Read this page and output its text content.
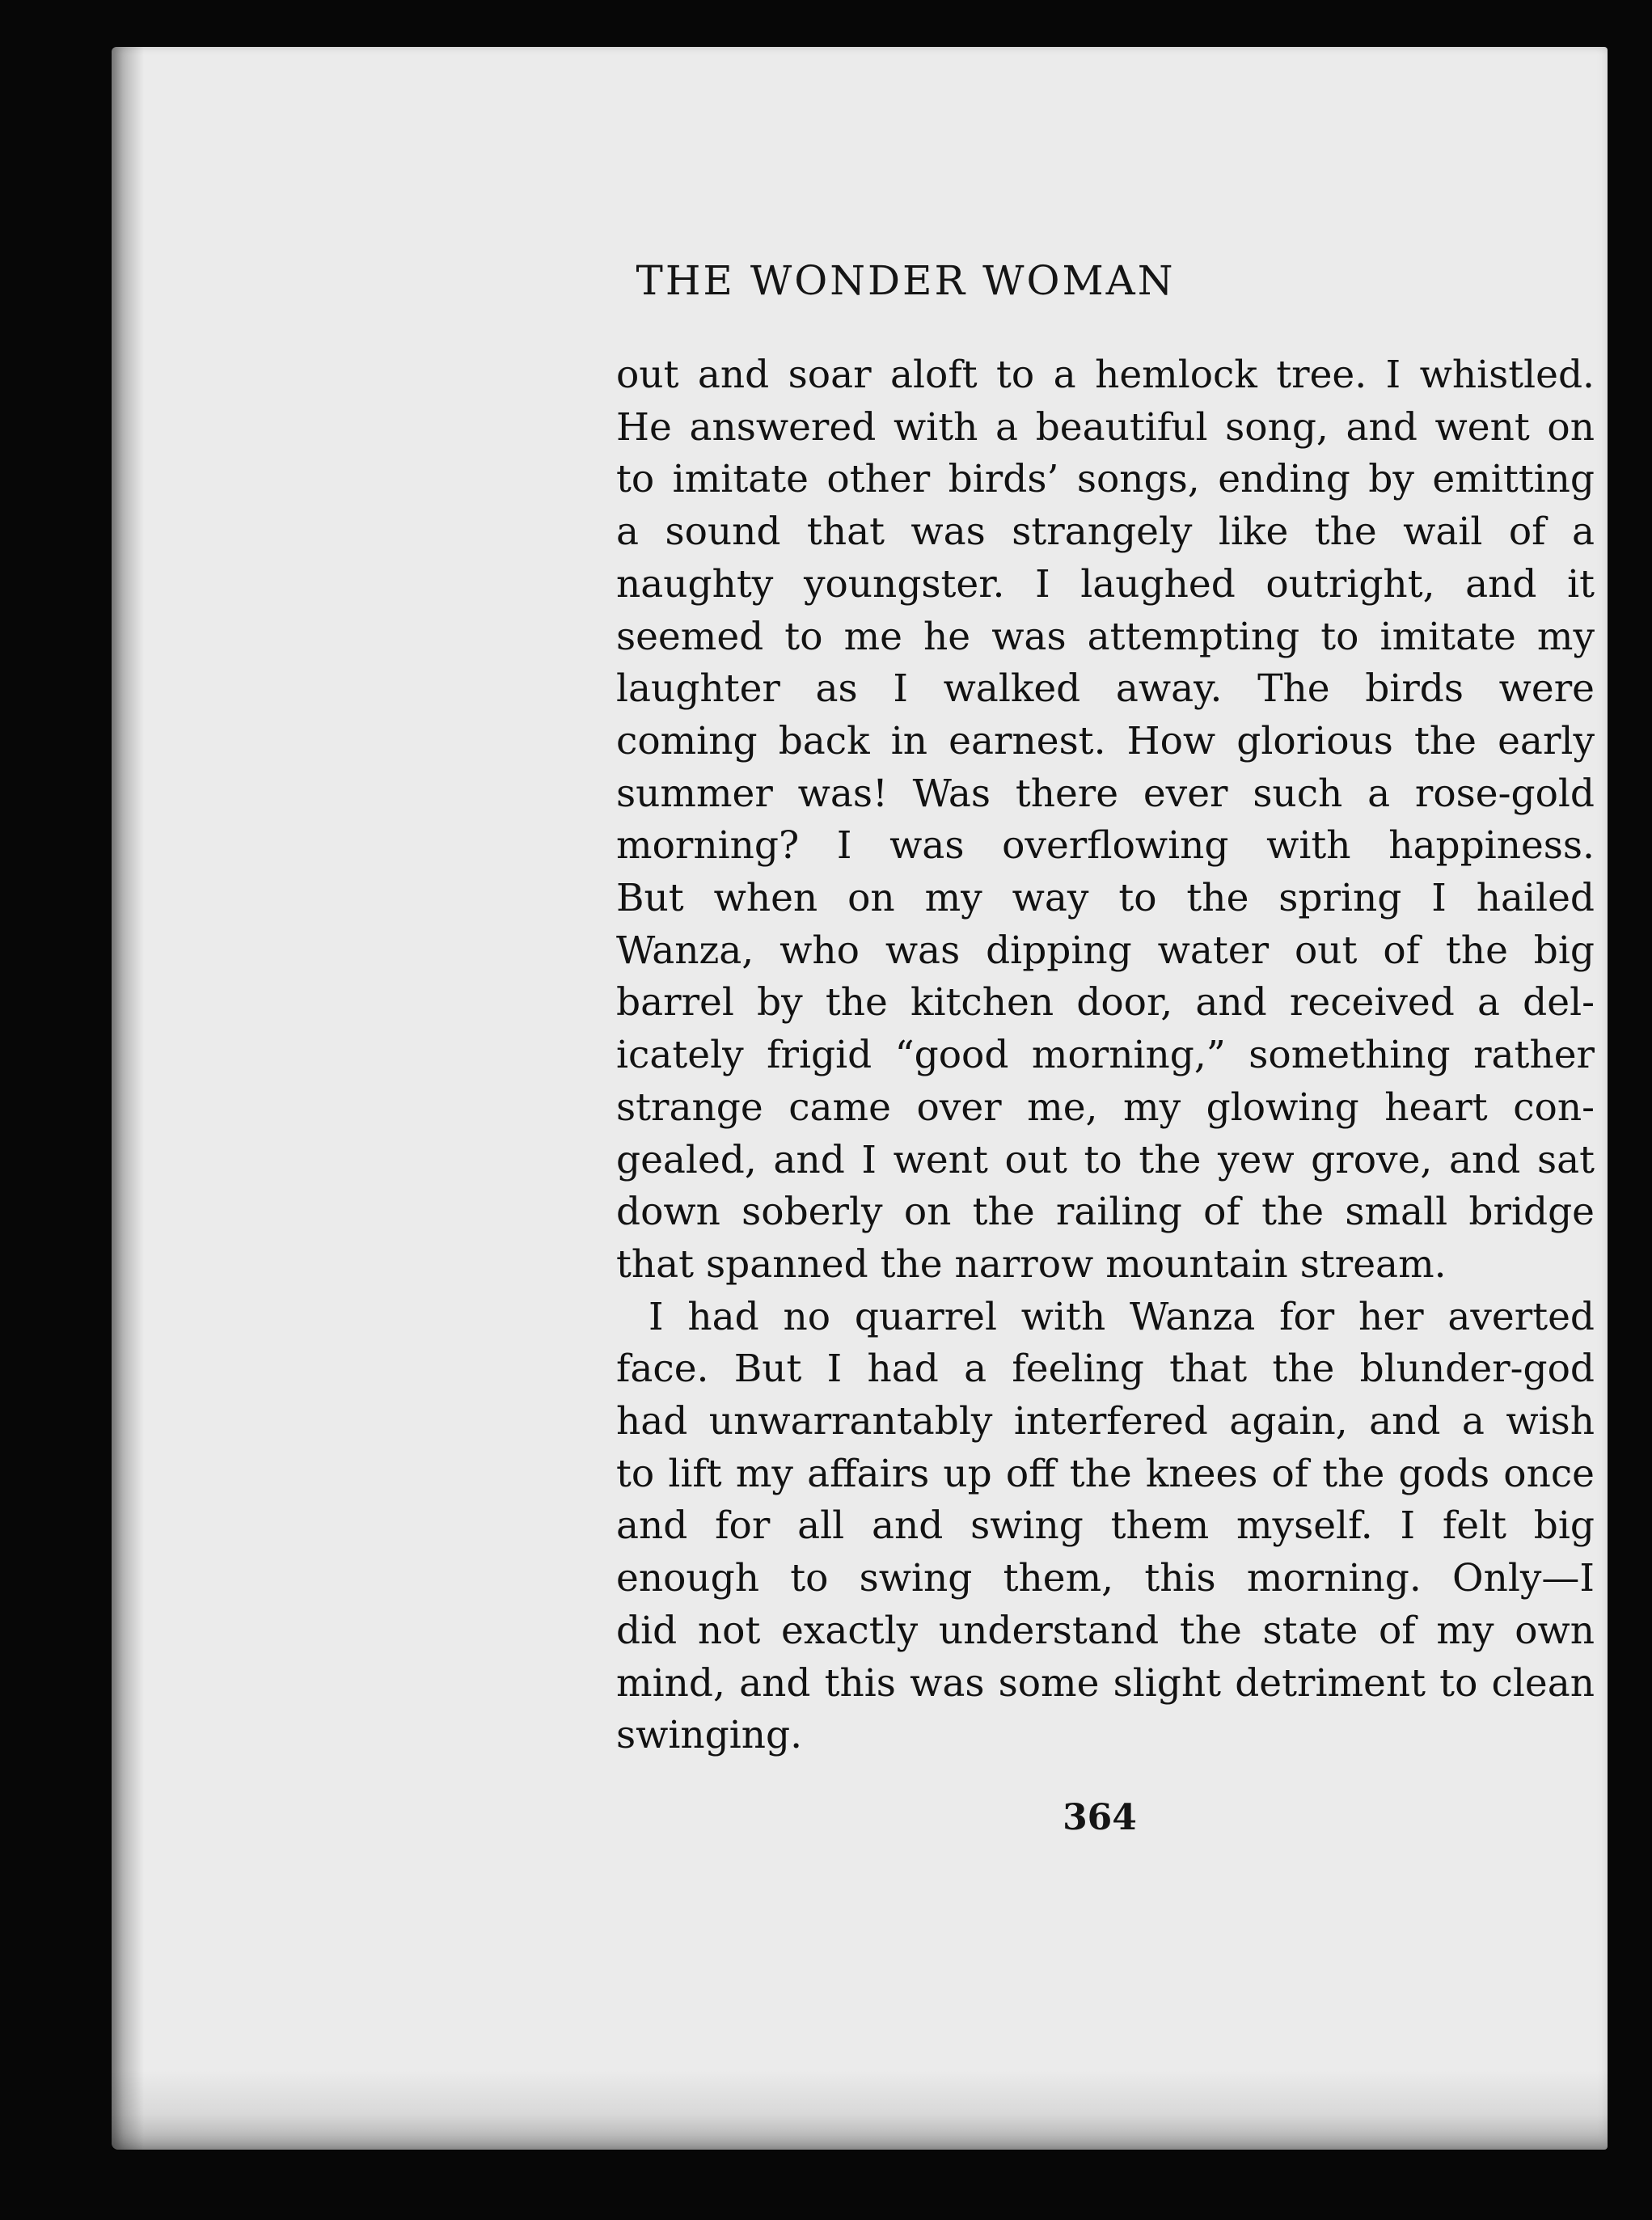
THE WONDER WOMAN
out and soar aloft to a hemlock tree. I whistled.
He answered with a beautiful song, and went on
to imitate other birds’ songs, ending by emitting
a sound that was strangely like the wail of a
naughty youngster. I laughed outright, and it
seemed to me he was attempting to imitate my
laughter as I walked away. The birds were
coming back in earnest. How glorious the early
summer was! Was there ever such a rose-gold
morning? I was overflowing with happiness.
But when on my way to the spring I hailed
Wanza, who was dipping water out of the big
barrel by the kitchen door, and received a del-
icately frigid “good morning,” something rather
strange came over me, my glowing heart con-
gealed, and I went out to the yew grove, and sat
down soberly on the railing of the small bridge
that spanned the narrow mountain stream.
I had no quarrel with Wanza for her averted
face. But I had a feeling that the blunder-god
had unwarrantably interfered again, and a wish
to lift my affairs up off the knees of the gods once
and for all and swing them myself. I felt big
enough to swing them, this morning. Only—I
did not exactly understand the state of my own
mind, and this was some slight detriment to clean
swinging.
364
